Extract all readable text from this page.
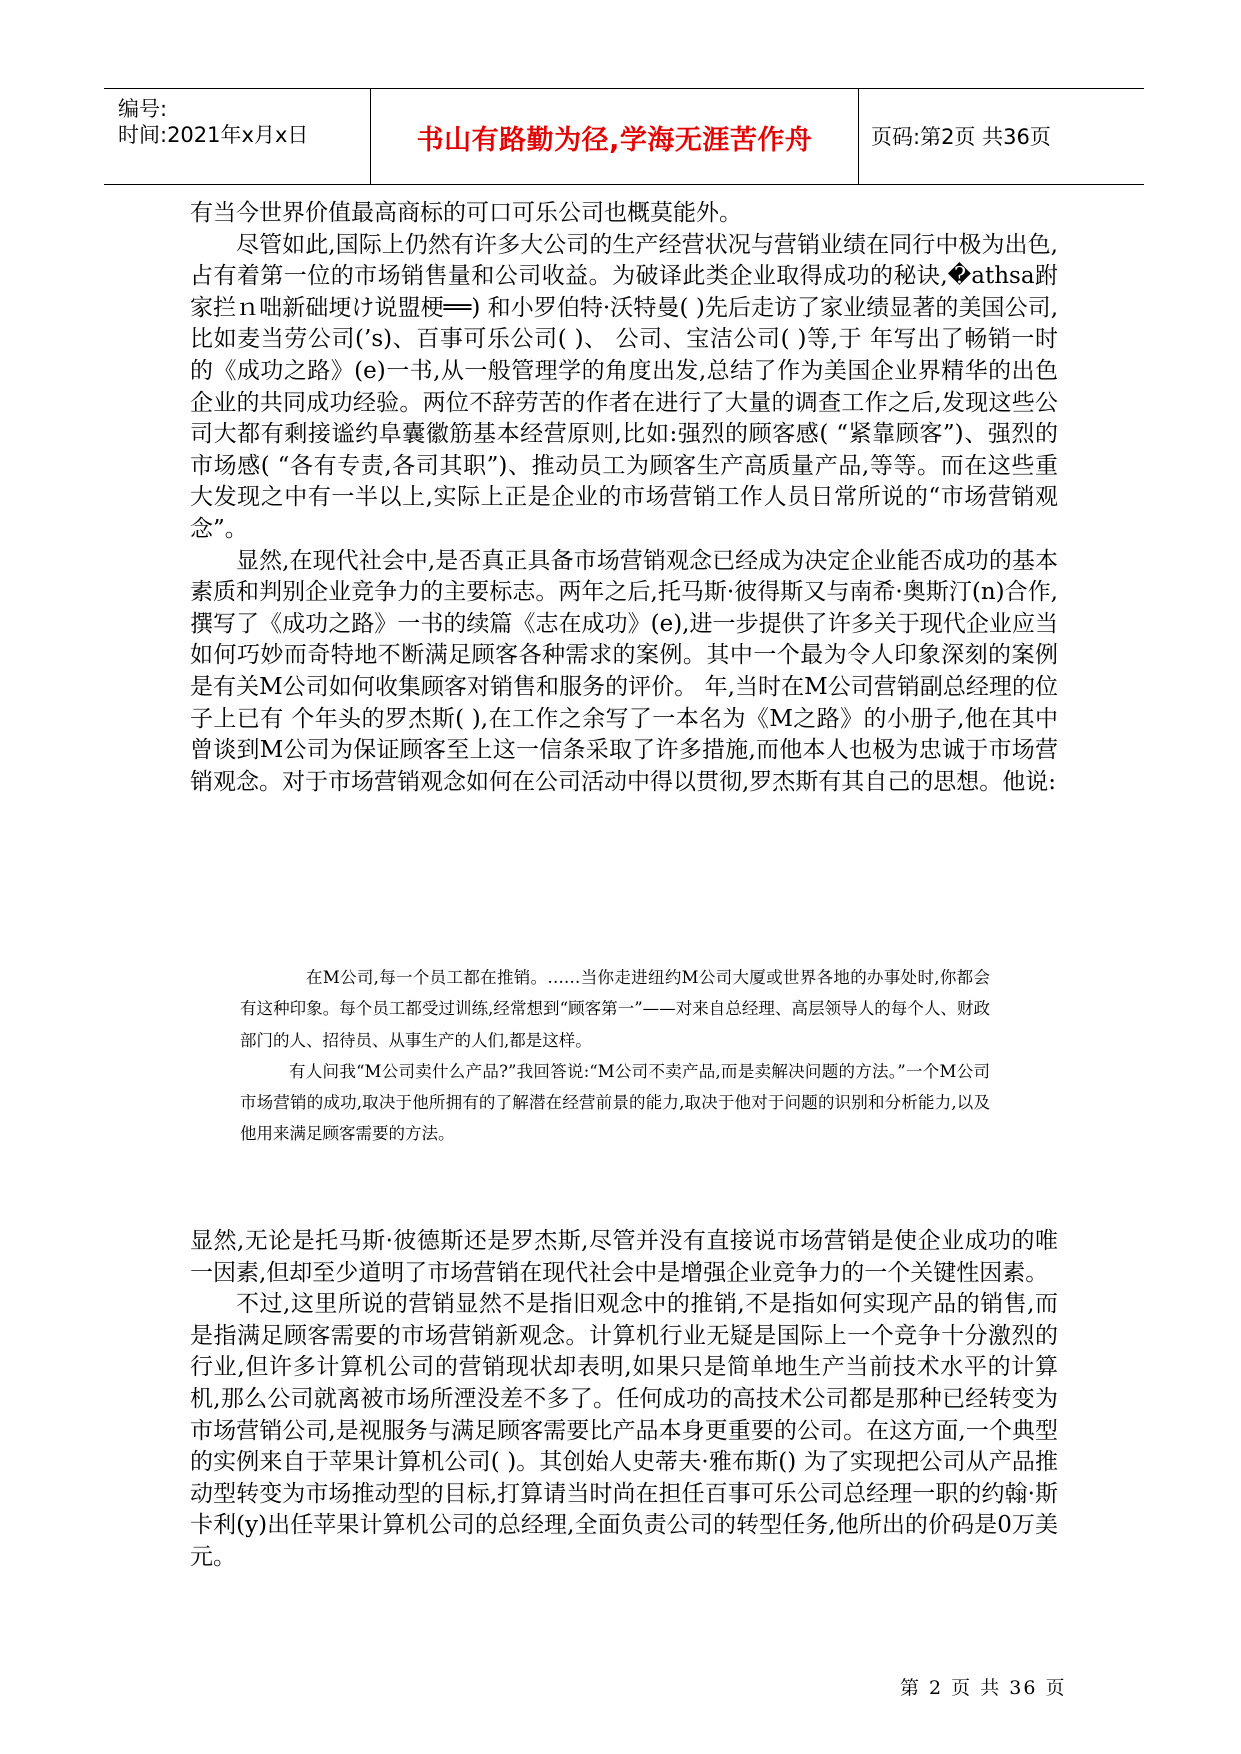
编号:
时间:2021年x月x日	书山有路勤为径,学海无涯苦作舟	页码:第2页 共36页

有当今世界价值最高商标的可口可乐公司也概莫能外。

尽管如此,国际上仍然有许多大公司的生产经营状况与营销业绩在同行中极为出色,占有着第一位的市场销售量和公司收益。为破译此类企业取得成功的秘诀,�athsa跗家拦ｎ咄新础埂け说盟梗══) 和小罗伯特·沃特曼( )先后走访了家业绩显著的美国公司,比如麦当劳公司(’s)、百事可乐公司( )、 公司、宝洁公司( )等,于 年写出了畅销一时的《成功之路》(e)一书,从一般管理学的角度出发,总结了作为美国企业界精华的出色企业的共同成功经验。两位不辞劳苦的作者在进行了大量的调查工作之后,发现这些公司大都有剩接谧约阜囊徽筋基本经营原则,比如:强烈的顾客感( “紧靠顾客”)、强烈的市场感( “各有专责,各司其职”)、推动员工为顾客生产高质量产品,等等。而在这些重大发现之中有一半以上,实际上正是企业的市场营销工作人员日常所说的“市场营销观念”。

显然,在现代社会中,是否真正具备市场营销观念已经成为决定企业能否成功的基本素质和判别企业竞争力的主要标志。两年之后,托马斯·彼得斯又与南希·奥斯汀(n)合作,撰写了《成功之路》一书的续篇《志在成功》(e),进一步提供了许多关于现代企业应当如何巧妙而奇特地不断满足顾客各种需求的案例。其中一个最为令人印象深刻的案例是有关M公司如何收集顾客对销售和服务的评价。 年,当时在M公司营销副总经理的位子上已有 个年头的罗杰斯( ),在工作之余写了一本名为《M之路》的小册子,他在其中曾谈到M公司为保证顾客至上这一信条采取了许多措施,而他本人也极为忠诚于市场营销观念。对于市场营销观念如何在公司活动中得以贯彻,罗杰斯有其自己的思想。他说:

在M公司,每一个员工都在推销。……当你走进纽约M公司大厦或世界各地的办事处时,你都会有这种印象。每个员工都受过训练,经常想到“顾客第一”——对来自总经理、高层领导人的每个人、财政部门的人、招待员、从事生产的人们,都是这样。

有人问我“M公司卖什么产品?”我回答说:“M公司不卖产品,而是卖解决问题的方法。”一个M公司市场营销的成功,取决于他所拥有的了解潜在经营前景的能力,取决于他对于问题的识别和分析能力,以及他用来满足顾客需要的方法。

显然,无论是托马斯·彼德斯还是罗杰斯,尽管并没有直接说市场营销是使企业成功的唯一因素,但却至少道明了市场营销在现代社会中是增强企业竞争力的一个关键性因素。

不过,这里所说的营销显然不是指旧观念中的推销,不是指如何实现产品的销售,而是指满足顾客需要的市场营销新观念。计算机行业无疑是国际上一个竞争十分激烈的行业,但许多计算机公司的营销现状却表明,如果只是简单地生产当前技术水平的计算机,那么公司就离被市场所湮没差不多了。任何成功的高技术公司都是那种已经转变为市场营销公司,是视服务与满足顾客需要比产品本身更重要的公司。在这方面,一个典型的实例来自于苹果计算机公司( )。其创始人史蒂夫·雅布斯() 为了实现把公司从产品推动型转变为市场推动型的目标,打算请当时尚在担任百事可乐公司总经理一职的约翰·斯卡利(y)出任苹果计算机公司的总经理,全面负责公司的转型任务,他所出的价码是0万美元。

第 2 页 共 36 页
